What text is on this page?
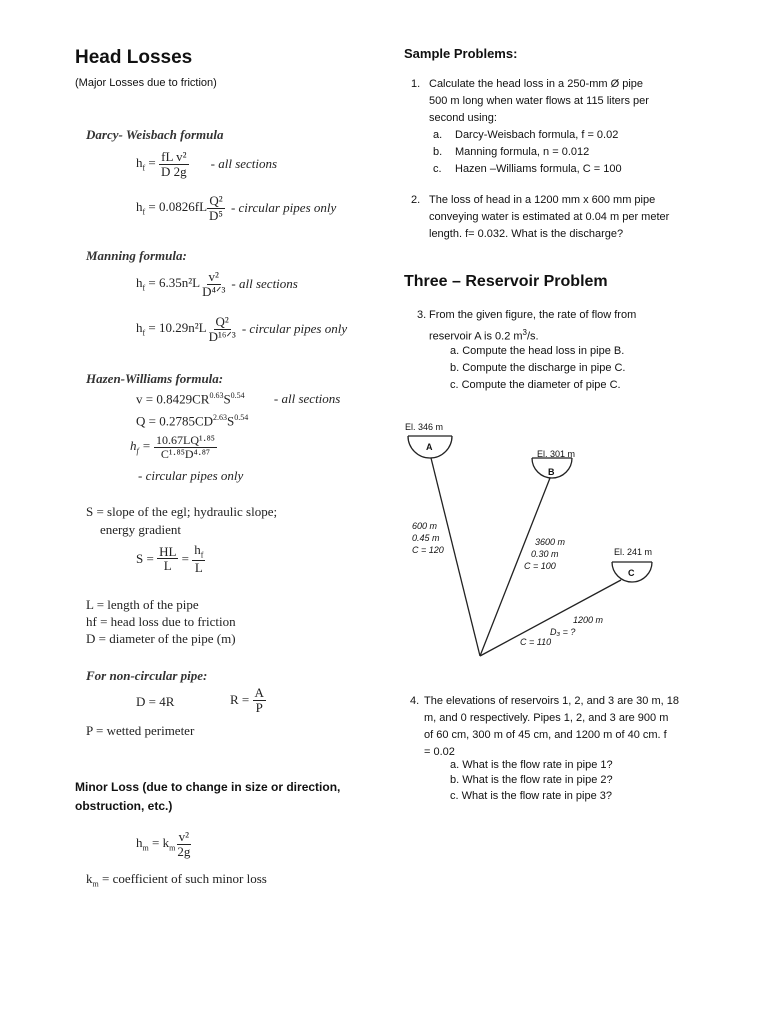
Head Losses
(Major Losses due to friction)
Darcy- Weisbach formula
$h_f = \frac{\text{fL v²}}{D 2g}$ - all sections
$h_f = 0.0826fL \frac{\text{Q²}}{\text{D⁵}}$ - circular pipes only
Manning formula:
$h_f = 6.35n^2L \frac{\text{v²}}{\text{D⁴ᐟ³}}$ - all sections
$h_f = 10.29n^2L \frac{\text{Q²}}{\text{D¹⁶ᐟ³}}$ - circular pipes only
Hazen-Williams formula:
$v = 0.8429CR^{0.63}S^{0.54}$ - all sections
$Q = 0.2785CD^{2.63}S^{0.54}$
$h_f = \frac{\text{10.67LQ¹·⁸⁵}}{\text{C¹·⁸⁵D⁴·⁸⁷}}$
- circular pipes only
S = slope of the egl; hydraulic slope;
energy gradient
S =
$\frac{HL}{L} = \frac{h_f}{L}$
L = length of the pipe
hf = head loss due to friction
D = diameter of the pipe (m)
For non-circular pipe:
D = 4R	R =
$\frac{A}{P}$
P = wetted perimeter
Minor Loss (due to change in size or direction,
obstruction, etc.)
$h_m = k_m \frac{\text{v²}}{2g}$
$k_m$ = coefficient of such minor loss
Sample Problems:
1. Calculate the head loss in a 250-mm Ø pipe
500 m long when water flows at 115 liters per
second using:
a. Darcy-Weisbach formula, f = 0.02
b. Manning formula, n = 0.012
c. Hazen –Williams formula, C = 100
2. The loss of head in a 1200 mm x 600 mm pipe
conveying water is estimated at 0.04 m per meter
length. f= 0.032. What is the discharge?
Three – Reservoir Problem
3. From the given figure, the rate of flow from
reservoir A is 0.2 $m^3/s$.
a. Compute the head loss in pipe B.
b. Compute the discharge in pipe C.
c. Compute the diameter of pipe C.
El. 346 m
A
El. 301 m
B
El. 241 m
C
600 m
0.45 m
C = 120
3600 m
0.30 m
C = 100
1200 m
D₃ = ?
C = 110
4. The elevations of reservoirs 1, 2, and 3 are 30 m, 18
m, and 0 respectively. Pipes 1, 2, and 3 are 900 m
of 60 cm, 300 m of 45 cm, and 1200 m of 40 cm. f
= 0.02
a. What is the flow rate in pipe 1?
b. What is the flow rate in pipe 2?
c. What is the flow rate in pipe 3?
